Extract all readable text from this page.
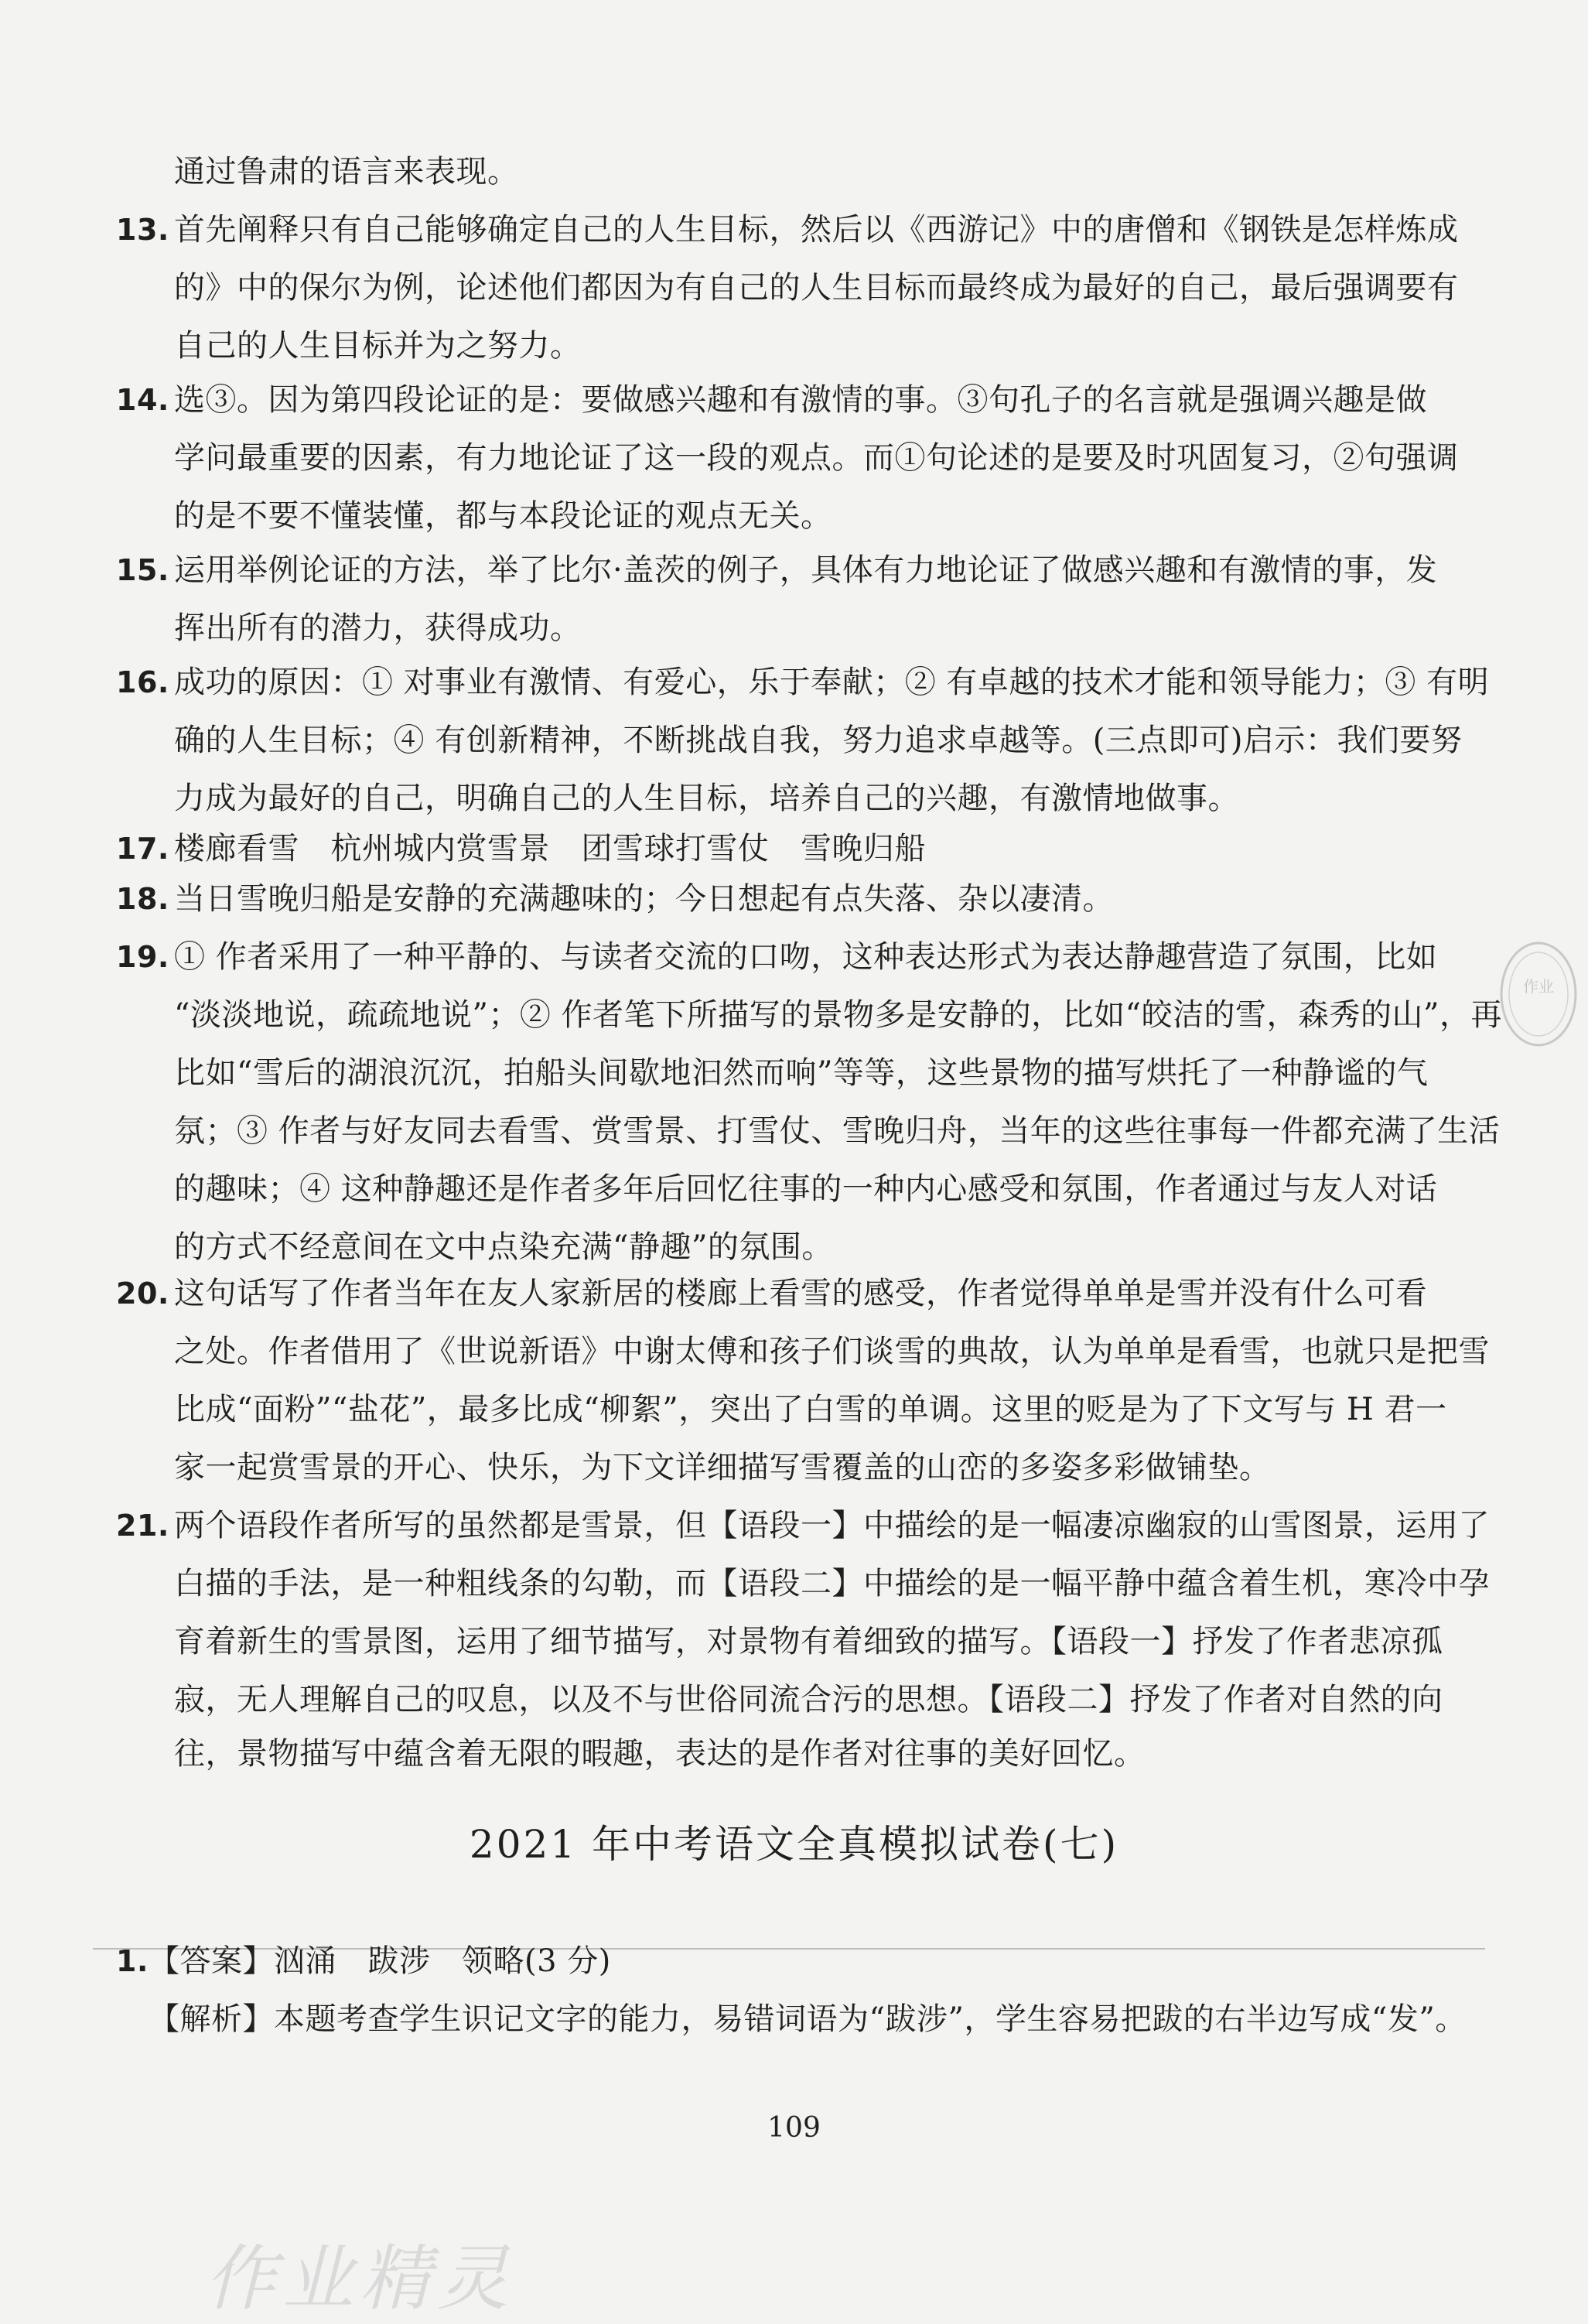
通过鲁肃的语言来表现。
13. 首先阐释只有自己能够确定自己的人生目标，然后以《西游记》中的唐僧和《钢铁是怎样炼成
的》中的保尔为例，论述他们都因为有自己的人生目标而最终成为最好的自己，最后强调要有
自己的人生目标并为之努力。
14. 选③。因为第四段论证的是：要做感兴趣和有激情的事。③句孔子的名言就是强调兴趣是做
学问最重要的因素，有力地论证了这一段的观点。而①句论述的是要及时巩固复习，②句强调
的是不要不懂装懂，都与本段论证的观点无关。
15. 运用举例论证的方法，举了比尔·盖茨的例子，具体有力地论证了做感兴趣和有激情的事，发
挥出所有的潜力，获得成功。
16. 成功的原因：① 对事业有激情、有爱心，乐于奉献；② 有卓越的技术才能和领导能力；③ 有明
确的人生目标；④ 有创新精神，不断挑战自我，努力追求卓越等。(三点即可)启示：我们要努
力成为最好的自己，明确自己的人生目标，培养自己的兴趣，有激情地做事。
17. 楼廊看雪　杭州城内赏雪景　团雪球打雪仗　雪晚归船
18. 当日雪晚归船是安静的充满趣味的；今日想起有点失落、杂以凄清。
19. ① 作者采用了一种平静的、与读者交流的口吻，这种表达形式为表达静趣营造了氛围，比如
“淡淡地说，疏疏地说”；② 作者笔下所描写的景物多是安静的，比如“皎洁的雪，森秀的山”，再
比如“雪后的湖浪沉沉，拍船头间歇地汩然而响”等等，这些景物的描写烘托了一种静谧的气
氛；③ 作者与好友同去看雪、赏雪景、打雪仗、雪晚归舟，当年的这些往事每一件都充满了生活
的趣味；④ 这种静趣还是作者多年后回忆往事的一种内心感受和氛围，作者通过与友人对话
的方式不经意间在文中点染充满“静趣”的氛围。
20. 这句话写了作者当年在友人家新居的楼廊上看雪的感受，作者觉得单单是雪并没有什么可看
之处。作者借用了《世说新语》中谢太傅和孩子们谈雪的典故，认为单单是看雪，也就只是把雪
比成“面粉”“盐花”，最多比成“柳絮”，突出了白雪的单调。这里的贬是为了下文写与 H 君一
家一起赏雪景的开心、快乐，为下文详细描写雪覆盖的山峦的多姿多彩做铺垫。
21. 两个语段作者所写的虽然都是雪景，但【语段一】中描绘的是一幅凄凉幽寂的山雪图景，运用了
白描的手法，是一种粗线条的勾勒，而【语段二】中描绘的是一幅平静中蕴含着生机，寒冷中孕
育着新生的雪景图，运用了细节描写，对景物有着细致的描写。【语段一】抒发了作者悲凉孤
寂，无人理解自己的叹息，以及不与世俗同流合污的思想。【语段二】抒发了作者对自然的向
往，景物描写中蕴含着无限的暇趣，表达的是作者对往事的美好回忆。
2021 年中考语文全真模拟试卷(七)
1.【答案】汹涌　跋涉　领略(3 分)
【解析】本题考查学生识记文字的能力，易错词语为“跋涉”，学生容易把跋的右半边写成“发”。
109
作业精灵
作业
